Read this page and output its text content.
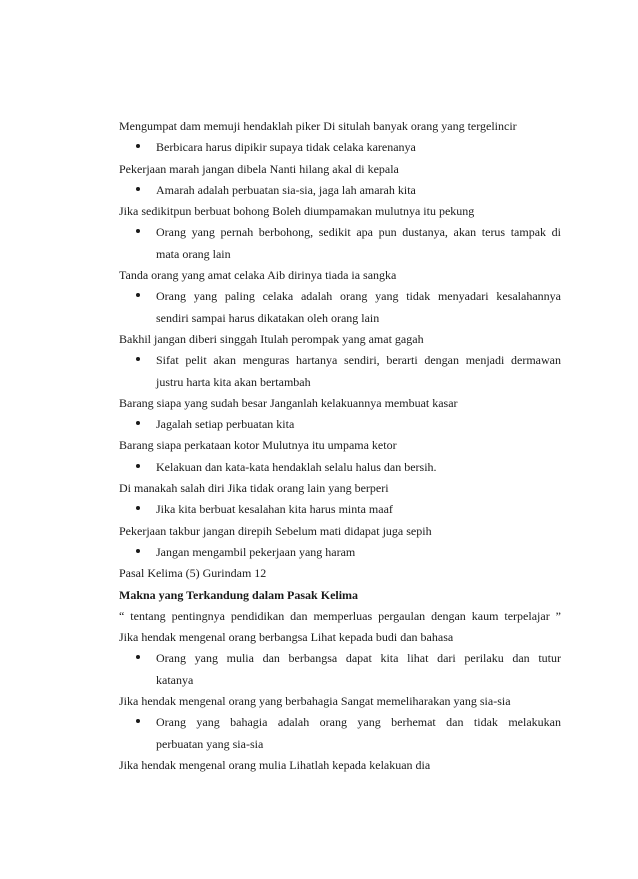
Mengumpat dam memuji hendaklah piker Di situlah banyak orang yang tergelincir
Berbicara harus dipikir supaya tidak celaka karenanya
Pekerjaan marah jangan dibela Nanti hilang akal di kepala
Amarah adalah perbuatan sia-sia, jaga lah amarah kita
Jika sedikitpun berbuat bohong Boleh diumpamakan mulutnya itu pekung
Orang yang pernah berbohong, sedikit apa pun dustanya, akan terus tampak di
mata orang lain
Tanda orang yang amat celaka Aib dirinya tiada ia sangka
Orang yang paling celaka adalah orang yang tidak menyadari kesalahannya
sendiri sampai harus dikatakan oleh orang lain
Bakhil jangan diberi singgah Itulah perompak yang amat gagah
Sifat pelit akan menguras hartanya sendiri, berarti dengan menjadi dermawan
justru harta kita akan bertambah
Barang siapa yang sudah besar Janganlah kelakuannya membuat kasar
Jagalah setiap perbuatan kita
Barang siapa perkataan kotor Mulutnya itu umpama ketor
Kelakuan dan kata-kata hendaklah selalu halus dan bersih.
Di manakah salah diri Jika tidak orang lain yang berperi
Jika kita berbuat kesalahan kita harus minta maaf
Pekerjaan takbur jangan direpih Sebelum mati didapat juga sepih
Jangan mengambil pekerjaan yang haram
Pasal Kelima (5) Gurindam 12
Makna yang Terkandung dalam Pasak Kelima
“ tentang pentingnya pendidikan dan memperluas pergaulan dengan kaum terpelajar ”
Jika hendak mengenal orang berbangsa Lihat kepada budi dan bahasa
Orang yang mulia dan berbangsa dapat kita lihat dari perilaku dan tutur
katanya
Jika hendak mengenal orang yang berbahagia Sangat memeliharakan yang sia-sia
Orang yang bahagia adalah orang yang berhemat dan tidak melakukan
perbuatan yang sia-sia
Jika hendak mengenal orang mulia Lihatlah kepada kelakuan dia
